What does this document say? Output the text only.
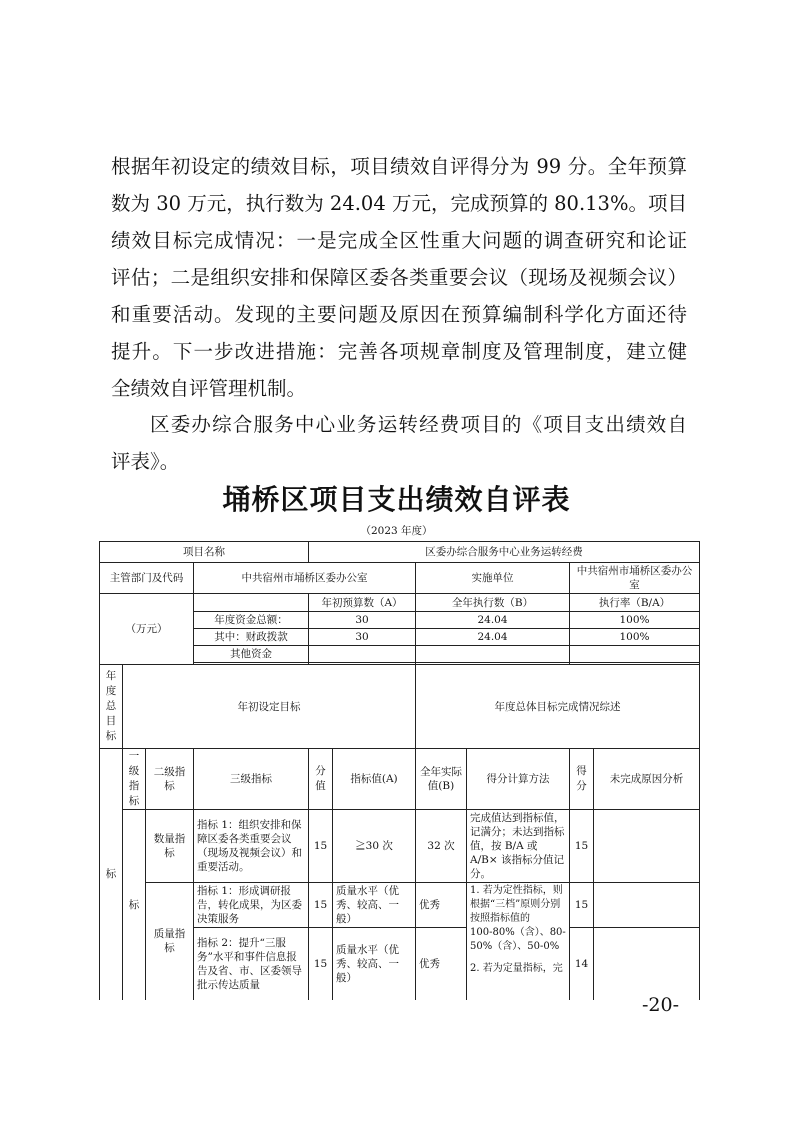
根据年初设定的绩效目标，项目绩效自评得分为 99 分。全年预算
数为 30 万元，执行数为 24.04 万元，完成预算的 80.13%。项目
绩效目标完成情况：一是完成全区性重大问题的调查研究和论证
评估；二是组织安排和保障区委各类重要会议（现场及视频会议）
和重要活动。发现的主要问题及原因在预算编制科学化方面还待
提升。下一步改进措施：完善各项规章制度及管理制度，建立健
全绩效自评管理机制。
区委办综合服务中心业务运转经费项目的《项目支出绩效自
评表》。
埇桥区项目支出绩效自评表
（2023 年度）
项目名称				区委办综合服务中心业务运转经费					
主管部门及代码			中共宿州市埇桥区委办公室			实施单位		中共宿州市埇桥区委办公室	
（万元）				年初预算数（A）		全年执行数（B）		执行率（B/A）	
			年度资金总额：	30		24.04		100%	
			其中：财政拨款	30		24.04		100%	
			其他资金						

年度总目标	年初设定目标					年度总体目标完成情况综述			
标	一级指标	二级指标	三级指标	分值	指标值(A)	全年实际值(B)	得分计算方法	得分	未完成原因分析
	标	数量指标	指标 1：组织安排和保障区委各类重要会议（现场及视频会议）和重要活动。	15	≧30 次	32 次	完成值达到指标值，记满分；未达到指标值，按 B/A 或 A/B× 该指标分值记分。	15	
		质量指标	指标 1：形成调研报告，转化成果，为区委决策服务	15	质量水平（优秀、较高、一般）	优秀	1. 若为定性指标，则根据“三档”原则分别按照指标值的
100-80%（含）、80-50%（含）、50-0%
2. 若为定量指标，完	15	
			指标 2：提升“三服务”水平和事件信息报告及省、市、区委领导批示传达质量	15	质量水平（优秀、较高、一般）	优秀		14	
-20-
